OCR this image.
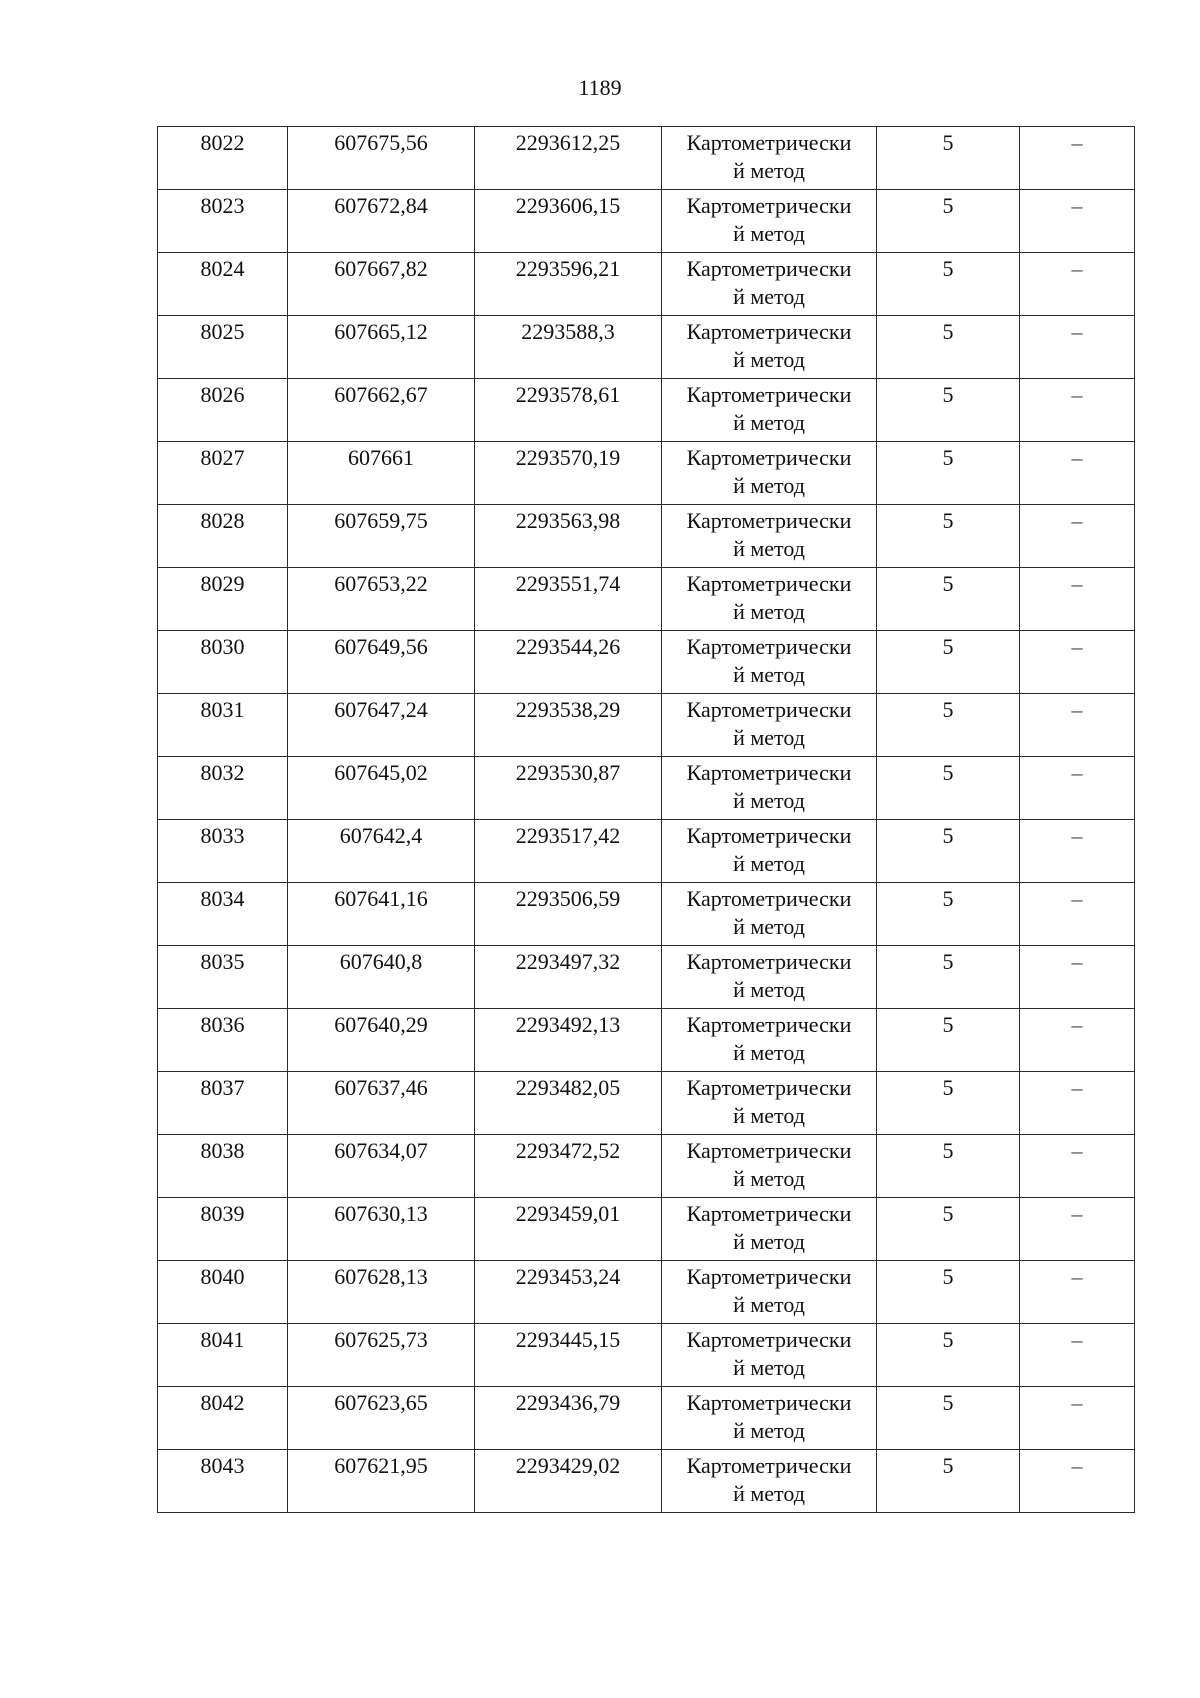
1189
8022	607675,56	2293612,25	Картометрически
й метод	5	–
8023	607672,84	2293606,15	Картометрически
й метод	5	–
8024	607667,82	2293596,21	Картометрически
й метод	5	–
8025	607665,12	2293588,3	Картометрически
й метод	5	–
8026	607662,67	2293578,61	Картометрически
й метод	5	–
8027	607661	2293570,19	Картометрически
й метод	5	–
8028	607659,75	2293563,98	Картометрически
й метод	5	–
8029	607653,22	2293551,74	Картометрически
й метод	5	–
8030	607649,56	2293544,26	Картометрически
й метод	5	–
8031	607647,24	2293538,29	Картометрически
й метод	5	–
8032	607645,02	2293530,87	Картометрически
й метод	5	–
8033	607642,4	2293517,42	Картометрически
й метод	5	–
8034	607641,16	2293506,59	Картометрически
й метод	5	–
8035	607640,8	2293497,32	Картометрически
й метод	5	–
8036	607640,29	2293492,13	Картометрически
й метод	5	–
8037	607637,46	2293482,05	Картометрически
й метод	5	–
8038	607634,07	2293472,52	Картометрически
й метод	5	–
8039	607630,13	2293459,01	Картометрически
й метод	5	–
8040	607628,13	2293453,24	Картометрически
й метод	5	–
8041	607625,73	2293445,15	Картометрически
й метод	5	–
8042	607623,65	2293436,79	Картометрически
й метод	5	–
8043	607621,95	2293429,02	Картометрически
й метод	5	–
